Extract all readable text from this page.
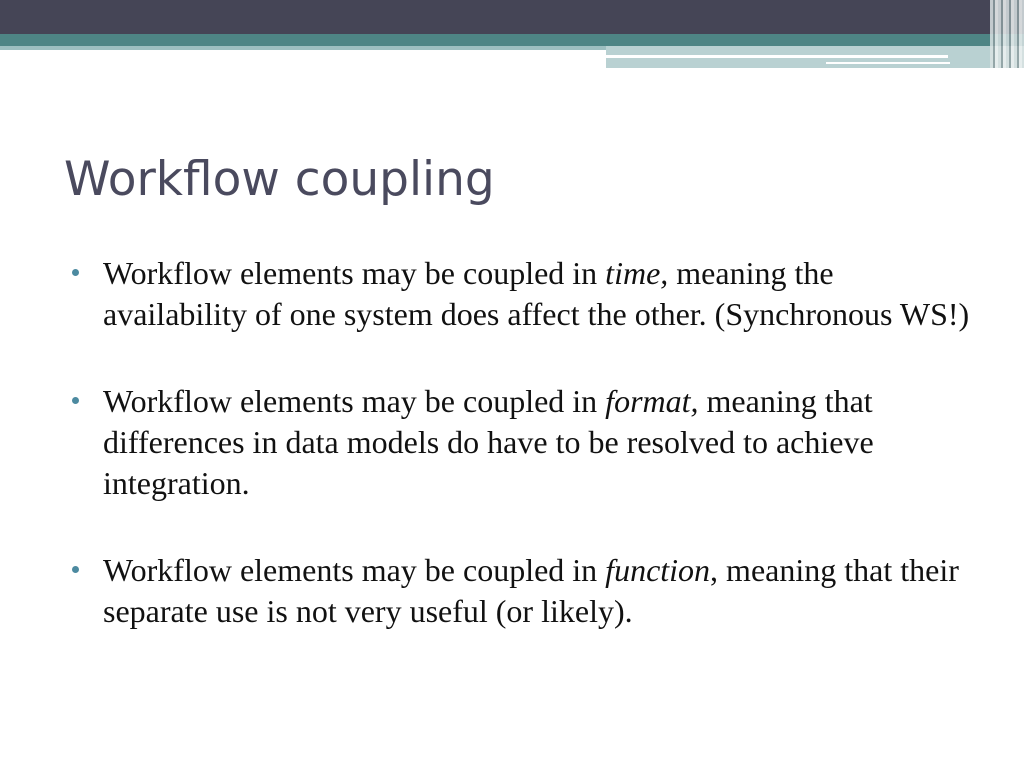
Workflow coupling
Workflow elements may be coupled in time, meaning the availability of one system does affect the other. (Synchronous WS!)
Workflow elements may be coupled in format, meaning that differences in data models do have to be resolved to achieve integration.
Workflow elements may be coupled in function, meaning that their separate use is not very useful (or likely).
